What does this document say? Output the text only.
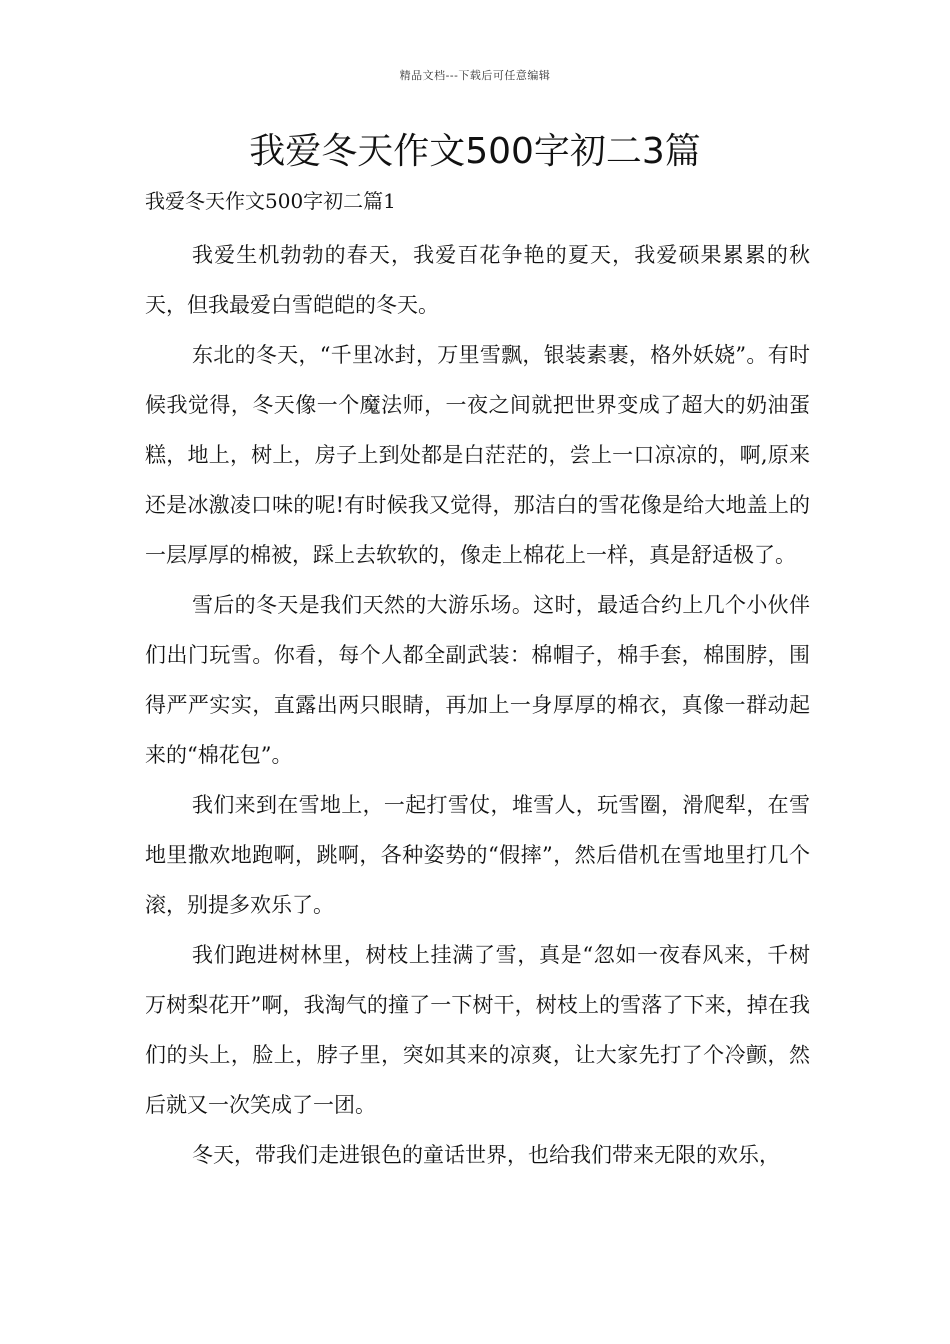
精品文档---下载后可任意编辑
我爱冬天作文500字初二3篇
我爱冬天作文500字初二篇1

我爱生机勃勃的春天，我爱百花争艳的夏天，我爱硕果累累的秋天，但我最爱白雪皑皑的冬天。

东北的冬天，“千里冰封，万里雪飘，银装素裹，格外妖娆”。有时候我觉得，冬天像一个魔法师，一夜之间就把世界变成了超大的奶油蛋糕，地上，树上，房子上到处都是白茫茫的，尝上一口凉凉的，啊,原来还是冰激凌口味的呢!有时候我又觉得，那洁白的雪花像是给大地盖上的一层厚厚的棉被，踩上去软软的，像走上棉花上一样，真是舒适极了。

雪后的冬天是我们天然的大游乐场。这时，最适合约上几个小伙伴们出门玩雪。你看，每个人都全副武装：棉帽子，棉手套，棉围脖，围得严严实实，直露出两只眼睛，再加上一身厚厚的棉衣，真像一群动起来的“棉花包”。

我们来到在雪地上，一起打雪仗，堆雪人，玩雪圈，滑爬犁，在雪地里撒欢地跑啊，跳啊，各种姿势的“假摔”，然后借机在雪地里打几个滚，别提多欢乐了。

我们跑进树林里，树枝上挂满了雪，真是“忽如一夜春风来，千树万树梨花开”啊，我淘气的撞了一下树干，树枝上的雪落了下来，掉在我们的头上，脸上，脖子里，突如其来的凉爽，让大家先打了个冷颤，然后就又一次笑成了一团。

冬天，带我们走进银色的童话世界，也给我们带来无限的欢乐，
